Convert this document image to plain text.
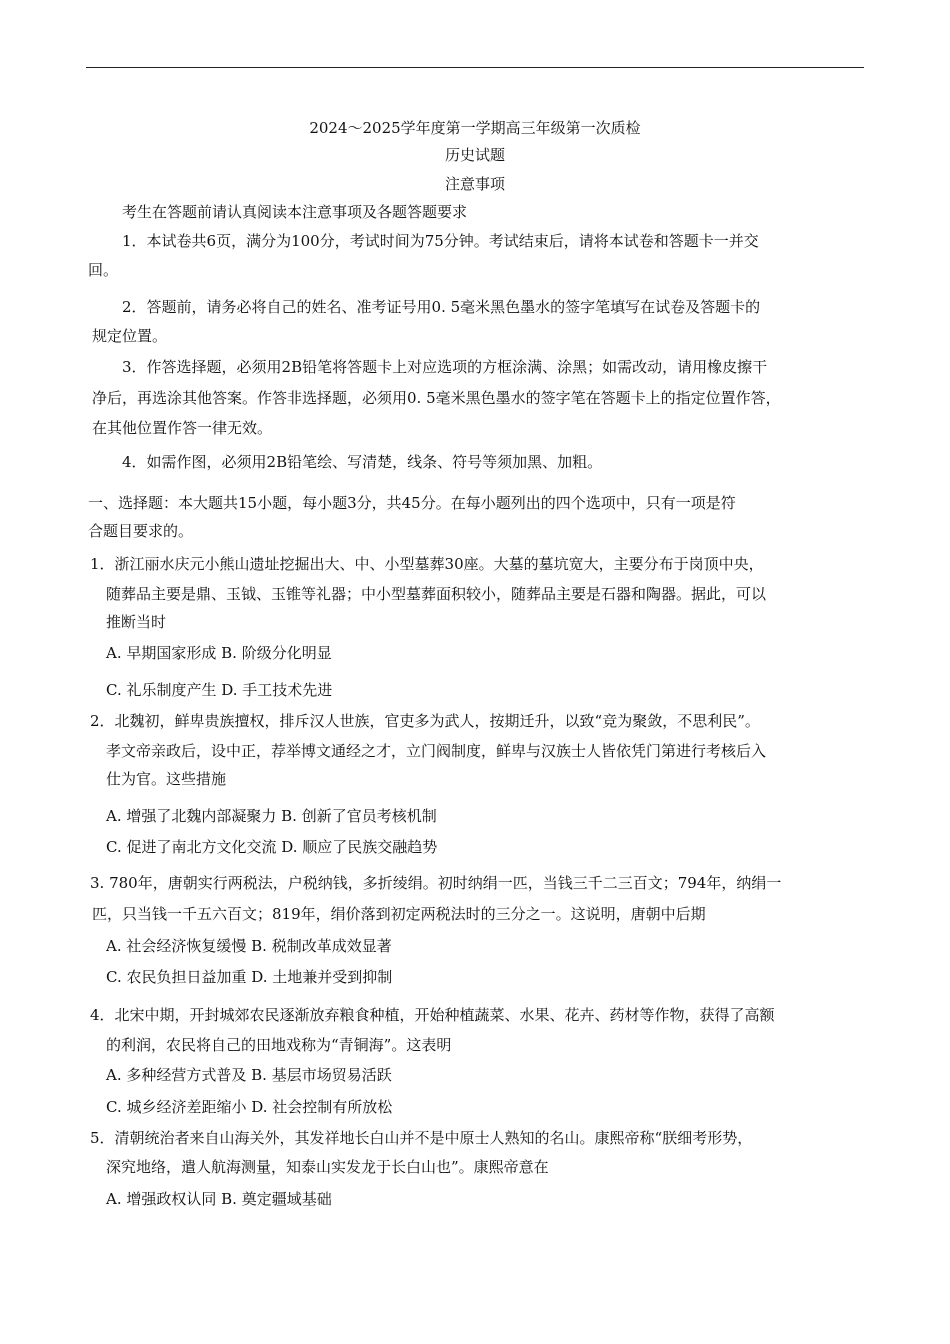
2024～2025学年度第一学期高三年级第一次质检
历史试题
注意事项
考生在答题前请认真阅读本注意事项及各题答题要求
1．本试卷共6页，满分为100分，考试时间为75分钟。考试结束后，请将本试卷和答题卡一并交
回。
2．答题前，请务必将自己的姓名、准考证号用0. 5毫米黑色墨水的签字笔填写在试卷及答题卡的
规定位置。
3．作答选择题，必须用2B铅笔将答题卡上对应选项的方框涂满、涂黑；如需改动，请用橡皮擦干
净后，再选涂其他答案。作答非选择题，必须用0. 5毫米黑色墨水的签字笔在答题卡上的指定位置作答，
在其他位置作答一律无效。
4．如需作图，必须用2B铅笔绘、写清楚，线条、符号等须加黑、加粗。
一、选择题：本大题共15小题，每小题3分，共45分。在每小题列出的四个选项中，只有一项是符
合题目要求的。
1．浙江丽水庆元小熊山遗址挖掘出大、中、小型墓葬30座。大墓的墓坑宽大，主要分布于岗顶中央，
随葬品主要是鼎、玉钺、玉锥等礼器；中小型墓葬面积较小，随葬品主要是石器和陶器。据此，可以
推断当时
A. 早期国家形成 B. 阶级分化明显
C. 礼乐制度产生 D. 手工技术先进
2．北魏初，鲜卑贵族擅权，排斥汉人世族，官吏多为武人，按期迁升，以致“竞为聚敛，不思利民”。
孝文帝亲政后，设中正，荐举博文通经之才，立门阀制度，鲜卑与汉族士人皆依凭门第进行考核后入
仕为官。这些措施
A. 增强了北魏内部凝聚力 B. 创新了官员考核机制
C. 促进了南北方文化交流 D. 顺应了民族交融趋势
3. 780年，唐朝实行两税法，户税纳钱，多折绫绢。初时纳绢一匹，当钱三千二三百文；794年，纳绢一
匹，只当钱一千五六百文；819年，绢价落到初定两税法时的三分之一。这说明，唐朝中后期
A. 社会经济恢复缓慢 B. 税制改革成效显著
C. 农民负担日益加重 D. 土地兼并受到抑制
4．北宋中期，开封城郊农民逐渐放弃粮食种植，开始种植蔬菜、水果、花卉、药材等作物，获得了高额
的利润，农民将自己的田地戏称为“青铜海”。这表明
A. 多种经营方式普及 B. 基层市场贸易活跃
C. 城乡经济差距缩小 D. 社会控制有所放松
5．清朝统治者来自山海关外，其发祥地长白山并不是中原士人熟知的名山。康熙帝称“朕细考形势，
深究地络，遣人航海测量，知泰山实发龙于长白山也”。康熙帝意在
A. 增强政权认同 B. 奠定疆域基础
